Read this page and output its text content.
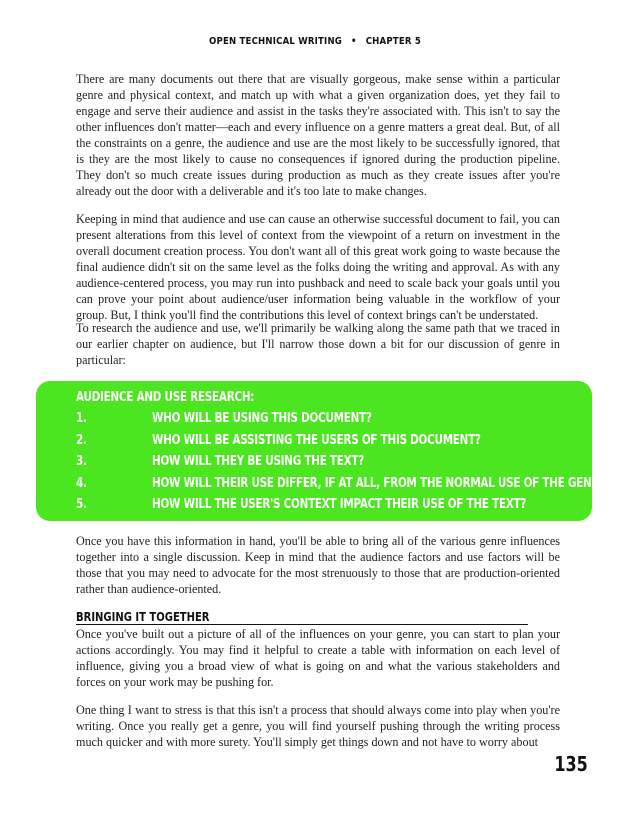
OPEN TECHNICAL WRITING • CHAPTER 5

There are many documents out there that are visually gorgeous, make sense within a particular genre and physical context, and match up with what a given organization does, yet they fail to engage and serve their audience and assist in the tasks they're associated with. This isn't to say the other influences don't matter—each and every influence on a genre matters a great deal. But, of all the constraints on a genre, the audience and use are the most likely to be successfully ignored, that is they are the most likely to cause no consequences if ignored during the production pipeline. They don't so much create issues during production as much as they create issues after you're already out the door with a deliverable and it's too late to make changes.

Keeping in mind that audience and use can cause an otherwise successful document to fail, you can present alterations from this level of context from the viewpoint of a return on investment in the overall document creation process. You don't want all of this great work going to waste because the final audience didn't sit on the same level as the folks doing the writing and approval. As with any audience-centered process, you may run into pushback and need to scale back your goals until you can prove your point about audience/user information being valuable in the workflow of your group. But, I think you'll find the contributions this level of context brings can't be understated.

To research the audience and use, we'll primarily be walking along the same path that we traced in our earlier chapter on audience, but I'll narrow those down a bit for our discussion of genre in particular:

AUDIENCE AND USE RESEARCH:
1.	WHO WILL BE USING THIS DOCUMENT?
2.	WHO WILL BE ASSISTING THE USERS OF THIS DOCUMENT?
3.	HOW WILL THEY BE USING THE TEXT?
4.	HOW WILL THEIR USE DIFFER, IF AT ALL, FROM THE NORMAL USE OF THE GENRE?
5.	HOW WILL THE USER'S CONTEXT IMPACT THEIR USE OF THE TEXT?

Once you have this information in hand, you'll be able to bring all of the various genre influences together into a single discussion. Keep in mind that the audience factors and use factors will be those that you may need to advocate for the most strenuously to those that are production-oriented rather than audience-oriented.

BRINGING IT TOGETHER

Once you've built out a picture of all of the influences on your genre, you can start to plan your actions accordingly. You may find it helpful to create a table with information on each level of influence, giving you a broad view of what is going on and what the various stakeholders and forces on your work may be pushing for.

One thing I want to stress is that this isn't a process that should always come into play when you're writing. Once you really get a genre, you will find yourself pushing through the writing process much quicker and with more surety. You'll simply get things down and not have to worry about

135
